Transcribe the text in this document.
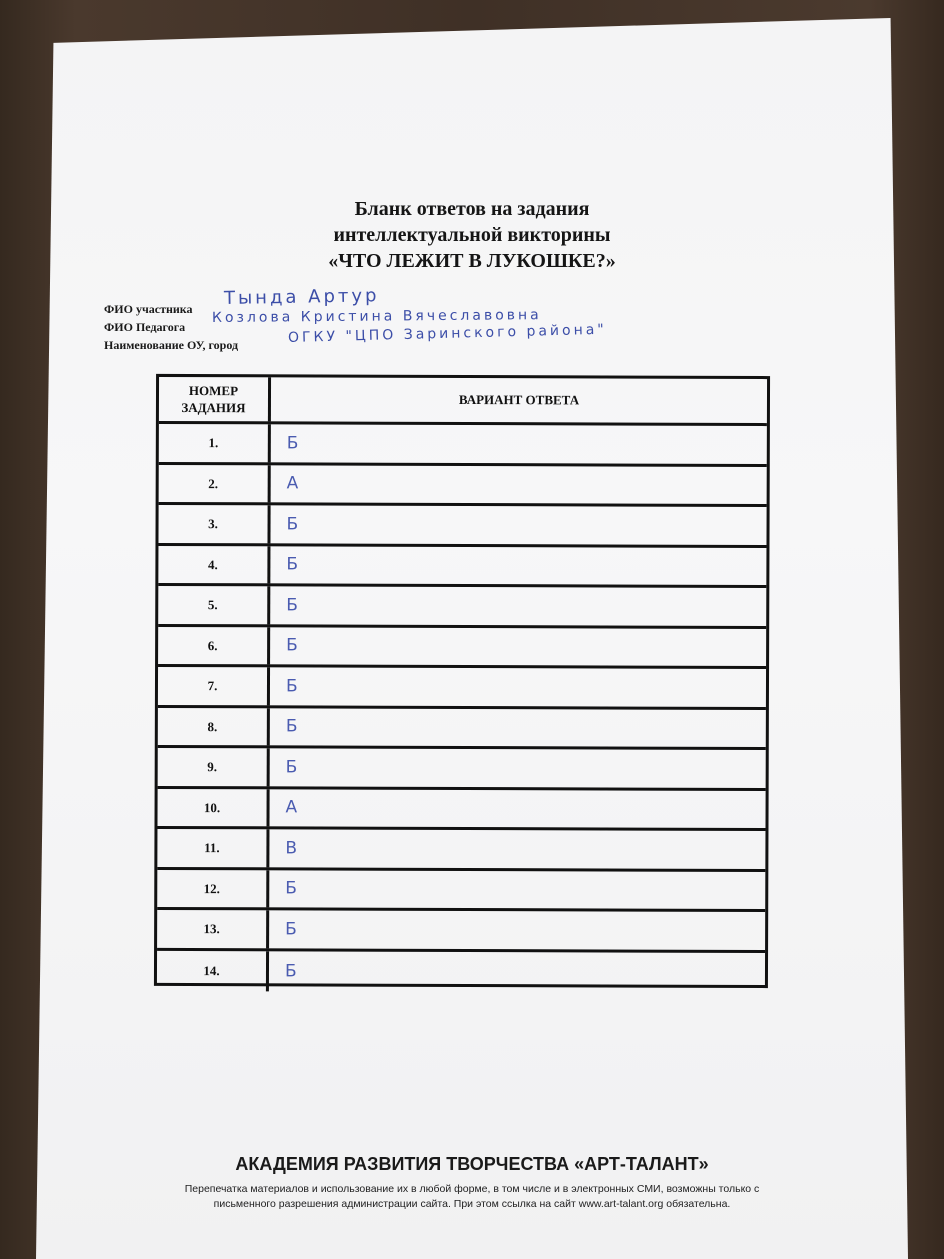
Бланк ответов на задания
интеллектуальной викторины
«ЧТО ЛЕЖИТ В ЛУКОШКЕ?»
ФИО участника
Тында Артур
ФИО Педагога
Козлова Кристина Вячеславовна
Наименование ОУ, город	ОГКУ "ЦПО Заринского района"
НОМЕР
ЗАДАНИЯ
ВАРИАНТ ОТВЕТА
1.	Б
2.	А
3.	Б
4.	Б
5.	Б
6.	Б
7.	Б
8.	Б
9.	Б
10.	А
11.	В
12.	Б
13.	Б
14.	Б
АКАДЕМИЯ РАЗВИТИЯ ТВОРЧЕСТВА «АРТ-ТАЛАНТ»
Перепечатка материалов и использование их в любой форме, в том числе и в электронных СМИ, возможны только с
письменного разрешения администрации сайта. При этом ссылка на сайт www.art-talant.org обязательна.
